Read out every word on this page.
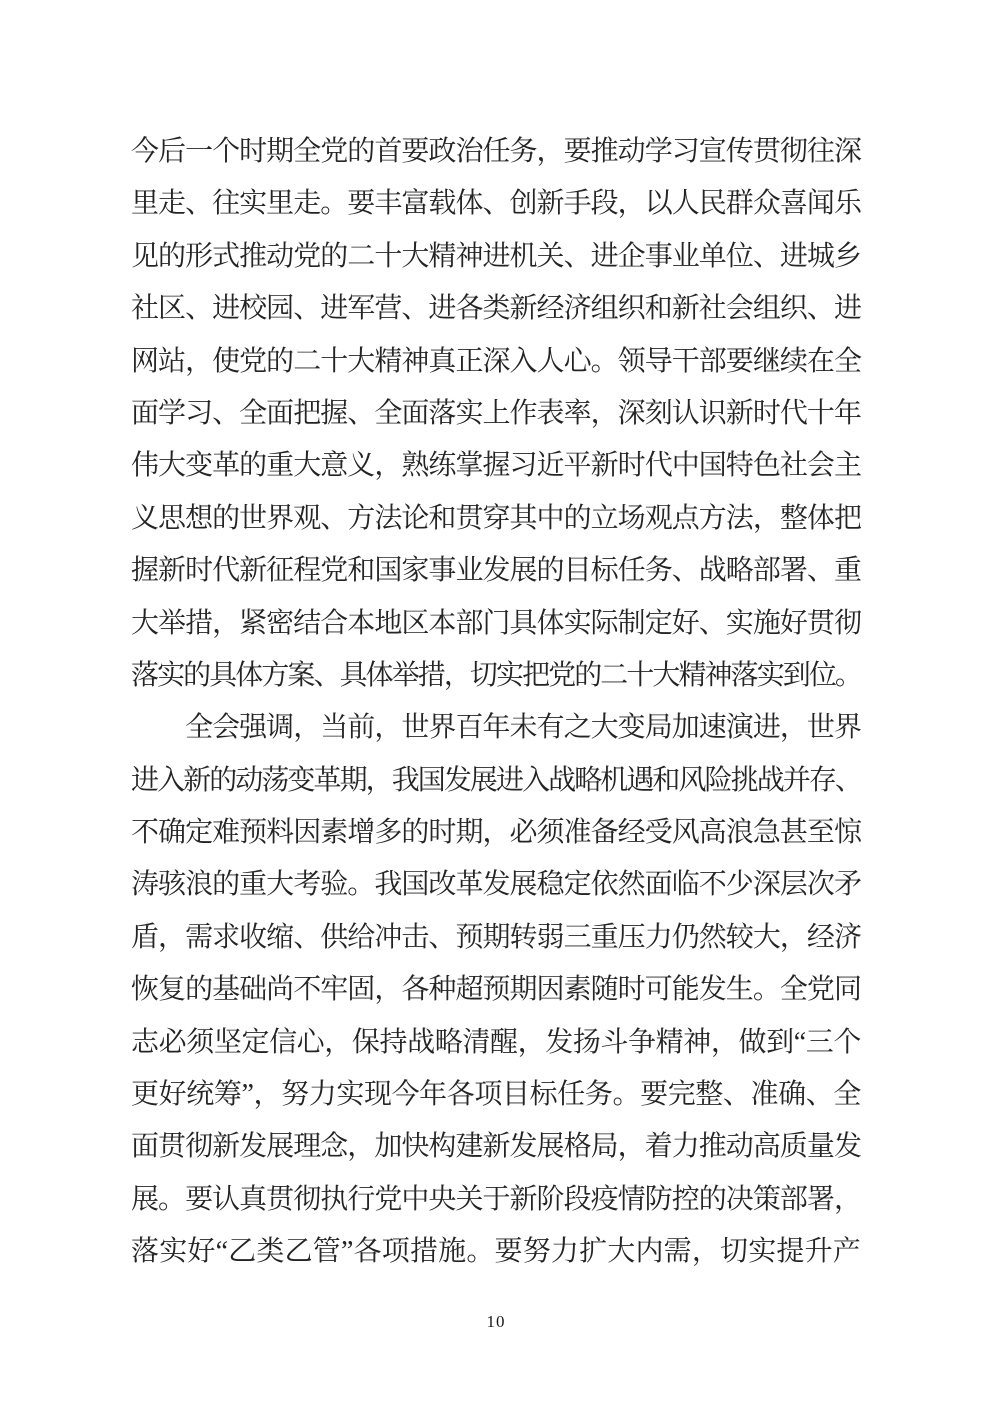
今后一个时期全党的首要政治任务，要推动学习宣传贯彻往深
里走、往实里走。要丰富载体、创新手段，以人民群众喜闻乐
见的形式推动党的二十大精神进机关、进企事业单位、进城乡
社区、进校园、进军营、进各类新经济组织和新社会组织、进
网站，使党的二十大精神真正深入人心。领导干部要继续在全
面学习、全面把握、全面落实上作表率，深刻认识新时代十年
伟大变革的重大意义，熟练掌握习近平新时代中国特色社会主
义思想的世界观、方法论和贯穿其中的立场观点方法，整体把
握新时代新征程党和国家事业发展的目标任务、战略部署、重
大举措，紧密结合本地区本部门具体实际制定好、实施好贯彻
落实的具体方案、具体举措，切实把党的二十大精神落实到位。
　　全会强调，当前，世界百年未有之大变局加速演进，世界
进入新的动荡变革期，我国发展进入战略机遇和风险挑战并存、
不确定难预料因素增多的时期，必须准备经受风高浪急甚至惊
涛骇浪的重大考验。我国改革发展稳定依然面临不少深层次矛
盾，需求收缩、供给冲击、预期转弱三重压力仍然较大，经济
恢复的基础尚不牢固，各种超预期因素随时可能发生。全党同
志必须坚定信心，保持战略清醒，发扬斗争精神，做到“三个
更好统筹”，努力实现今年各项目标任务。要完整、准确、全
面贯彻新发展理念，加快构建新发展格局，着力推动高质量发
展。要认真贯彻执行党中央关于新阶段疫情防控的决策部署，
落实好“乙类乙管”各项措施。要努力扩大内需，切实提升产
10
